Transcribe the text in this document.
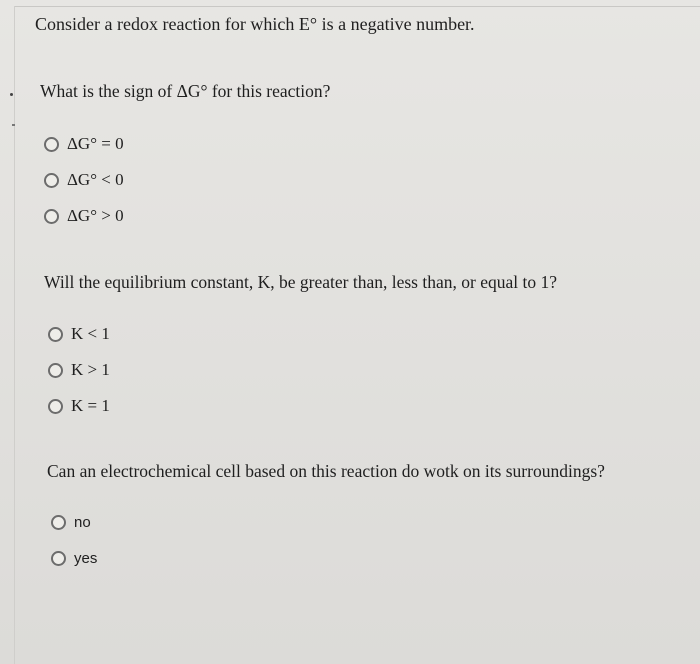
Consider a redox reaction for which E° is a negative number.
What is the sign of ΔG° for this reaction?
ΔG° = 0
ΔG° < 0
ΔG° > 0
Will the equilibrium constant, K, be greater than, less than, or equal to 1?
K < 1
K > 1
K = 1
Can an electrochemical cell based on this reaction do wotk on its surroundings?
no
yes
